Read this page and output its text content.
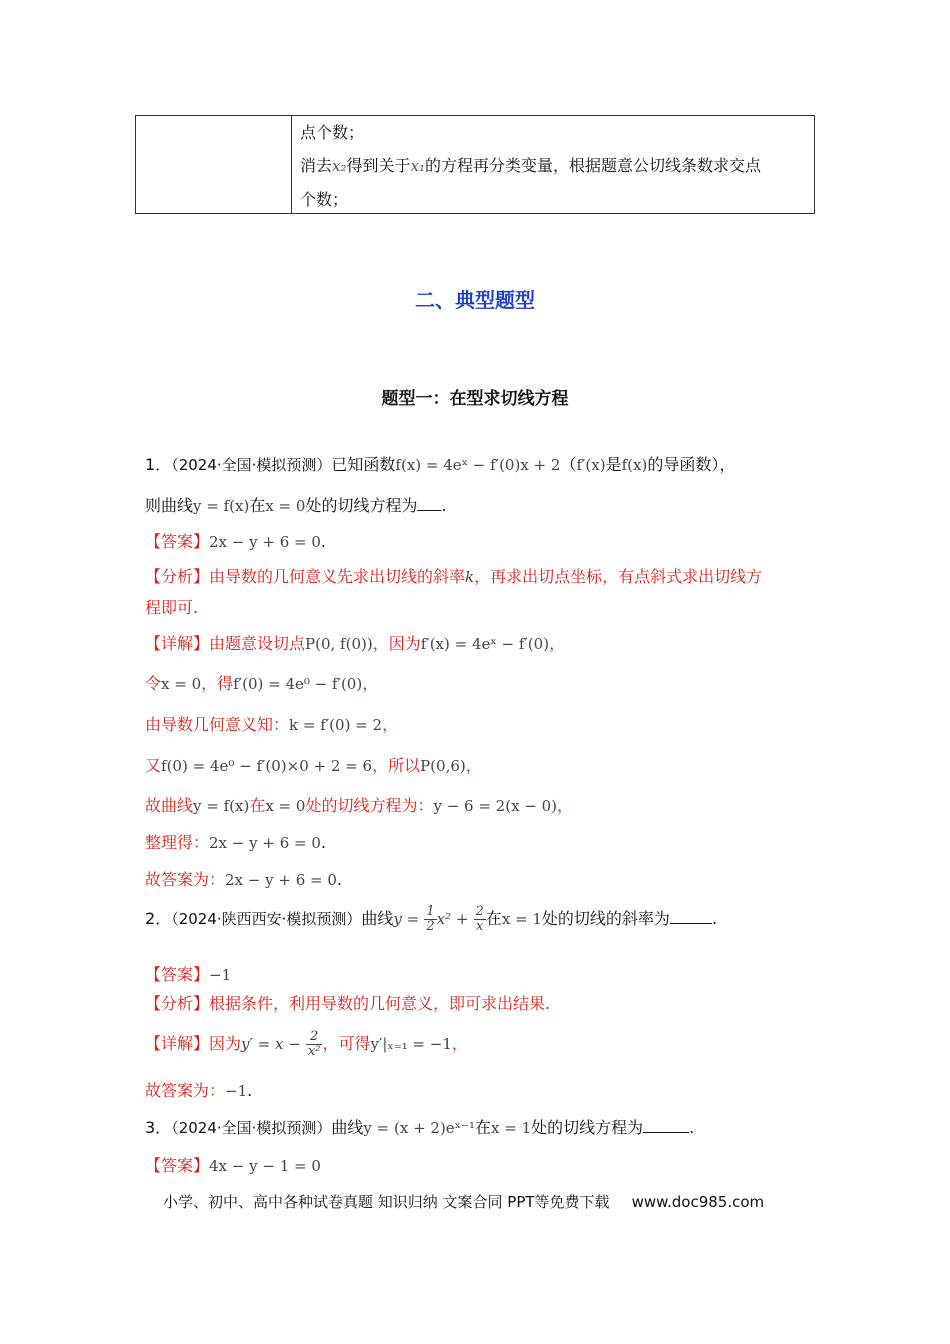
点个数；
消去x₂得到关于x₁的方程再分类变量，根据题意公切线条数求交点
个数；
二、典型题型
题型一：在型求切线方程
1．（2024·全国·模拟预测）已知函数f(x) = 4eˣ − f′(0)x + 2（f′(x)是f(x)的导函数），
则曲线y = f(x)在x = 0处的切线方程为 .
【答案】2x − y + 6 = 0.
【分析】由导数的几何意义先求出切线的斜率k，再求出切点坐标，有点斜式求出切线方
程即可.
【详解】由题意设切点P(0, f(0))，因为f′(x) = 4eˣ − f′(0)，
令x = 0，得f′(0) = 4e⁰ − f′(0)，
由导数几何意义知：k = f′(0) = 2，
又f(0) = 4e⁰ − f′(0)×0 + 2 = 6，所以P(0,6)，
故曲线y = f(x)在x = 0处的切线方程为：y − 6 = 2(x − 0)，
整理得：2x − y + 6 = 0.
故答案为：2x − y + 6 = 0.
2．（2024·陕西西安·模拟预测）曲线$y = \frac{1}{2} x^2 + \frac{2}{x}$ 在x = 1处的切线的斜率为	.
【答案】−1
【分析】根据条件，利用导数的几何意义，即可求出结果.
【详解】因为$y' = x - \frac{2}{\text{x²}}$ ，可得y′|ₓ₌₁ = −1，
故答案为：−1.
3．（2024·全国·模拟预测）曲线y = (x + 2)eˣ⁻¹在x = 1处的切线方程为	.
【答案】4x − y − 1 = 0
小学、初中、高中各种试卷真题 知识归纳 文案合同 PPT等免费下载 www.doc985.com
